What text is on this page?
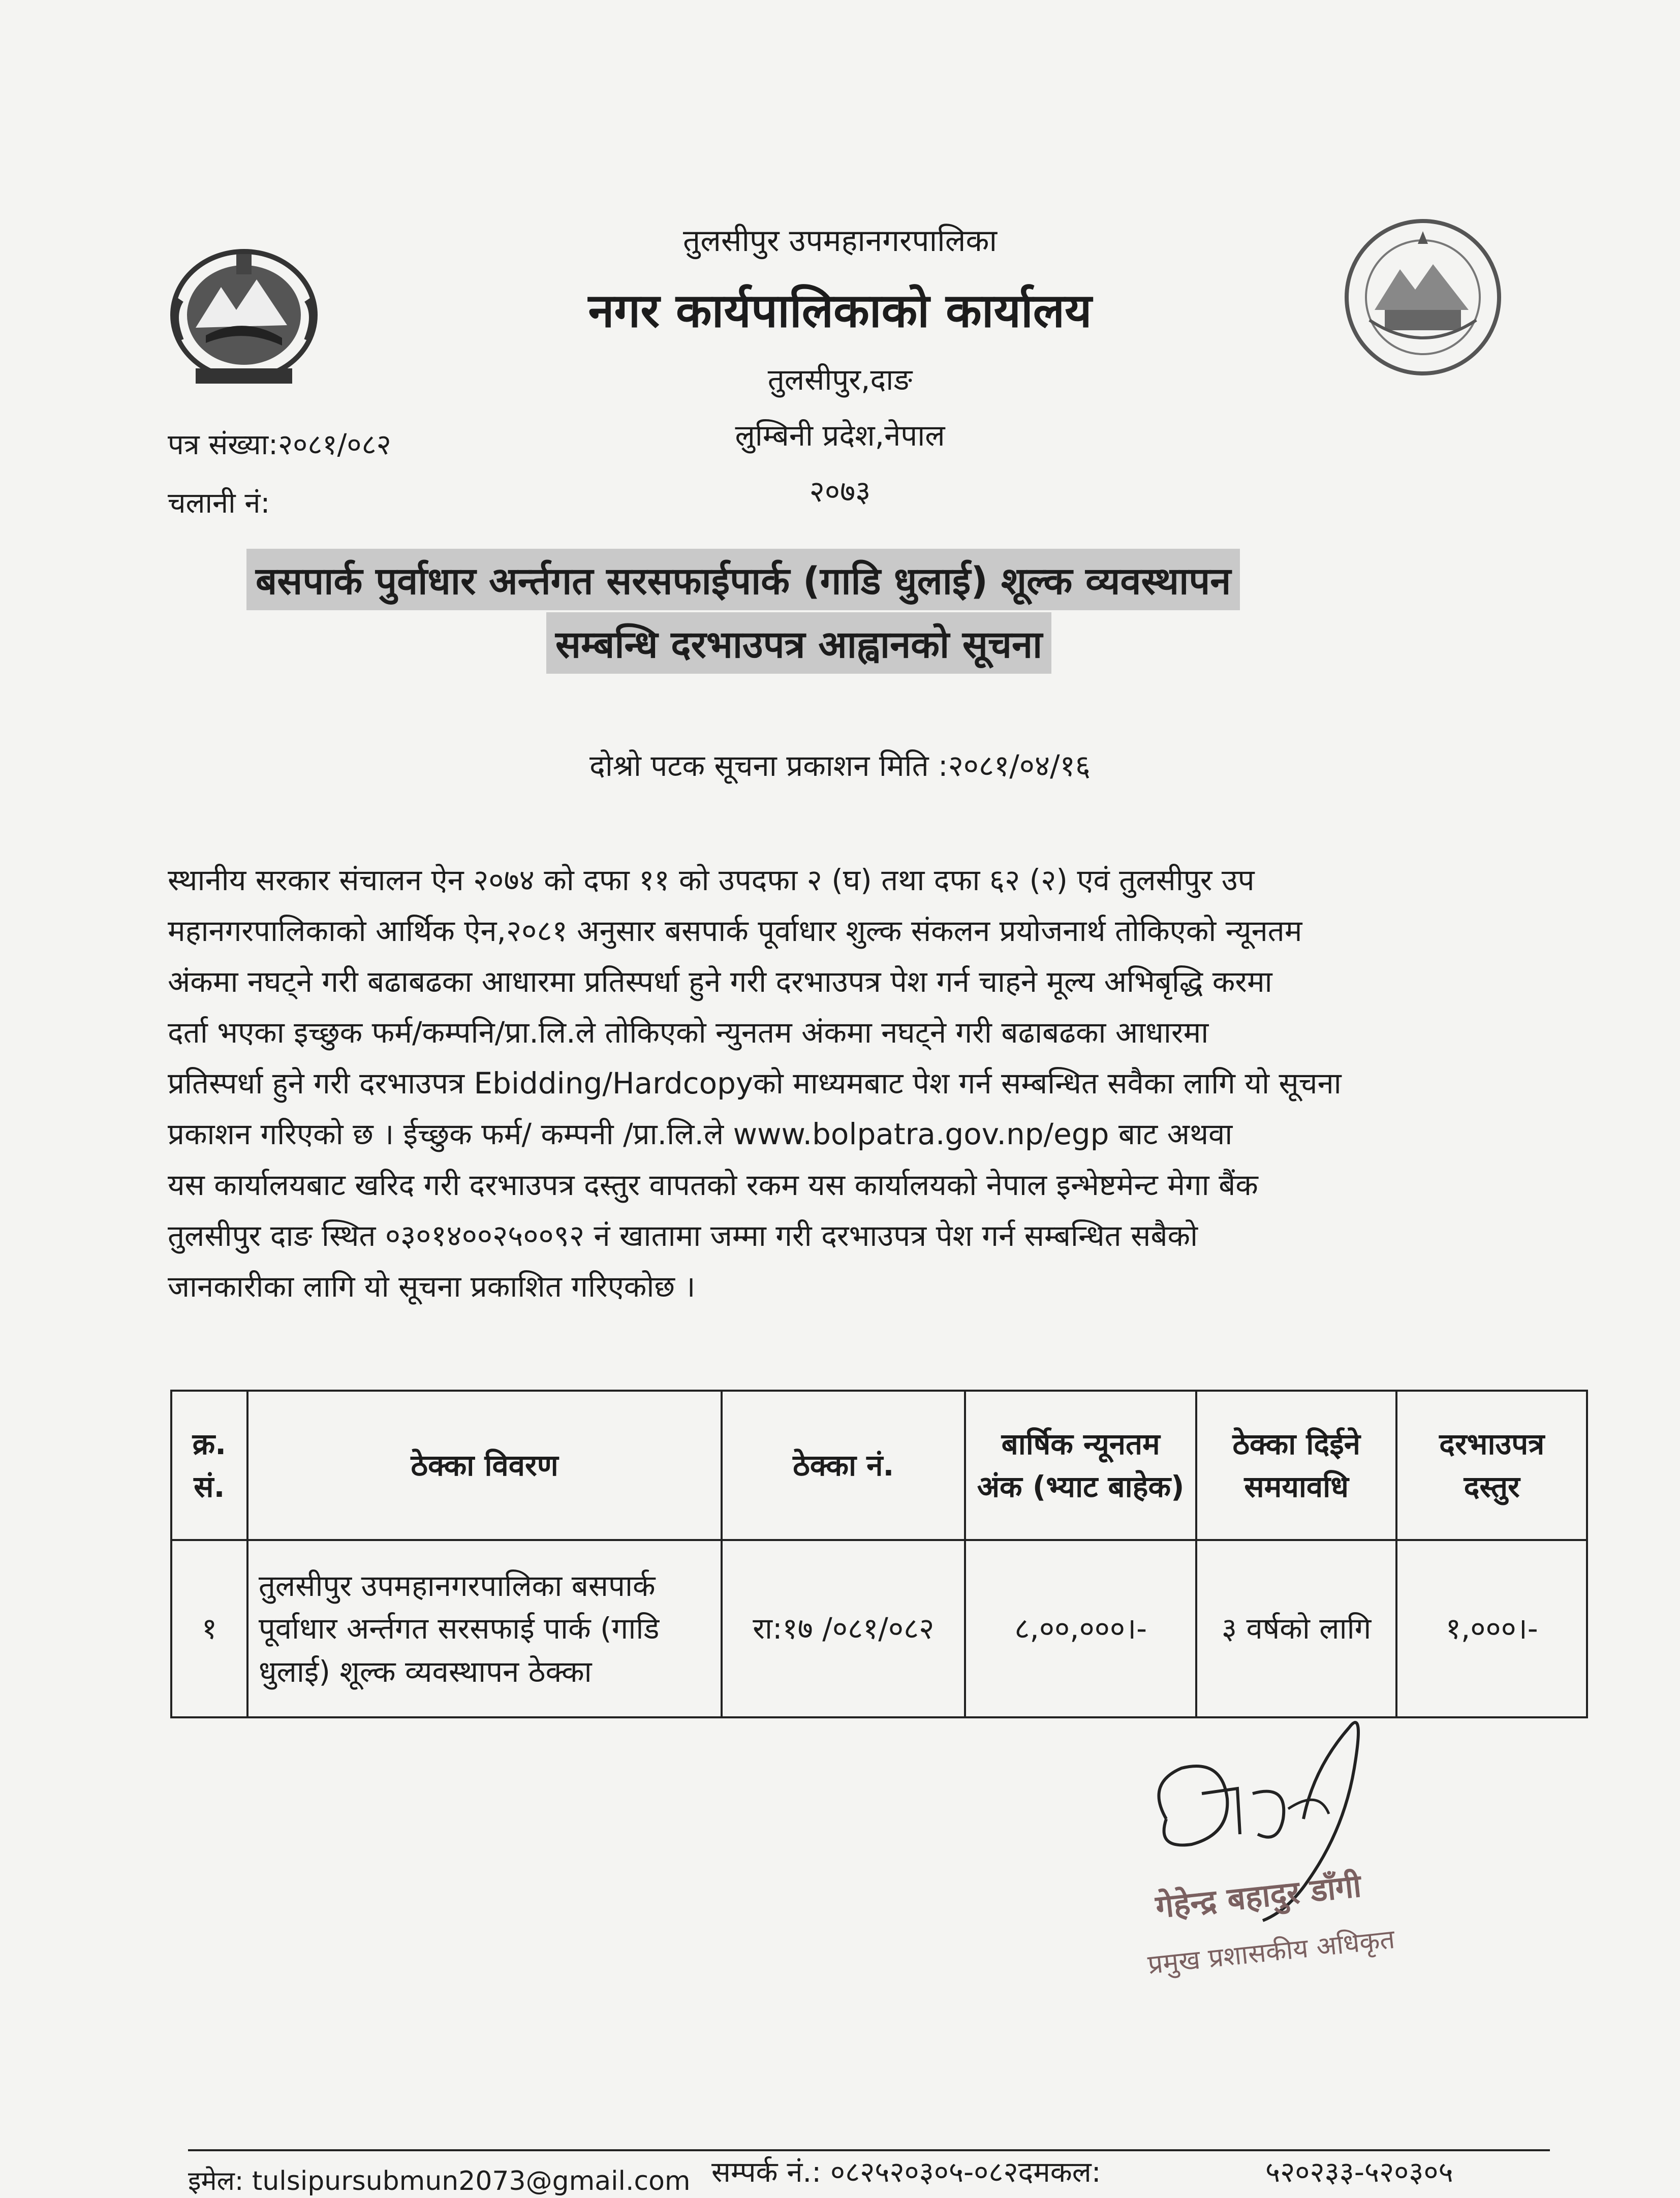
तुलसीपुर उपमहानगरपालिका
नगर कार्यपालिकाको कार्यालय
तुलसीपुर,दाङ
लुम्बिनी प्रदेश,नेपाल
२०७३
पत्र संख्या:२०८१/०८२
चलानी नं:
बसपार्क पुर्वाधार अर्न्तगत सरसफाईपार्क (गाडि धुलाई) शूल्क व्यवस्थापन
सम्बन्धि दरभाउपत्र आह्वानको सूचना
दोश्रो पटक सूचना प्रकाशन मिति :२०८१/०४/१६
स्थानीय सरकार संचालन ऐन २०७४ को दफा ११ को उपदफा २ (घ) तथा दफा ६२ (२) एवं तुलसीपुर उप
महानगरपालिकाको आर्थिक ऐन,२०८१ अनुसार बसपार्क पूर्वाधार शुल्क संकलन प्रयोजनार्थ तोकिएको न्यूनतम
अंकमा नघट्ने गरी बढाबढका आधारमा प्रतिस्पर्धा हुने गरी दरभाउपत्र पेश गर्न चाहने मूल्य अभिबृद्धि करमा
दर्ता भएका इच्छुक फर्म/कम्पनि/प्रा.लि.ले तोकिएको न्युनतम अंकमा नघट्ने गरी बढाबढका आधारमा
प्रतिस्पर्धा हुने गरी दरभाउपत्र Ebidding/Hardcopyको माध्यमबाट पेश गर्न सम्बन्धित सवैका लागि यो सूचना
प्रकाशन गरिएको छ । ईच्छुक फर्म/ कम्पनी /प्रा.लि.ले www.bolpatra.gov.np/egp बाट अथवा
यस कार्यालयबाट खरिद गरी दरभाउपत्र दस्तुर वापतको रकम यस कार्यालयको नेपाल इन्भेष्टमेन्ट मेगा बैंक
तुलसीपुर दाङ स्थित ०३०१४००२५००९२ नं खातामा जम्मा गरी दरभाउपत्र पेश गर्न सम्बन्धित सबैको
जानकारीका लागि यो सूचना प्रकाशित गरिएकोछ ।
क्र. सं.	ठेक्का विवरण	ठेक्का नं.	बार्षिक न्यूनतम अंक (भ्याट बाहेक)	ठेक्का दिईने समयावधि	दरभाउपत्र दस्तुर
१	तुलसीपुर उपमहानगरपालिका बसपार्क पूर्वाधार अर्न्तगत सरसफाई पार्क (गाडि धुलाई) शूल्क व्यवस्थापन ठेक्का	रा:१७ /०८१/०८२	८,००,०००।-	३ वर्षको लागि	१,०००।-
गेहेन्द्र बहादुर डाँगी
प्रमुख प्रशासकीय अधिकृत
इमेल: tulsipursubmun2073@gmail.com सम्पर्क नं.: ०८२५२०३०५-०८२दमकल:	५२०२३३-५२०३०५
